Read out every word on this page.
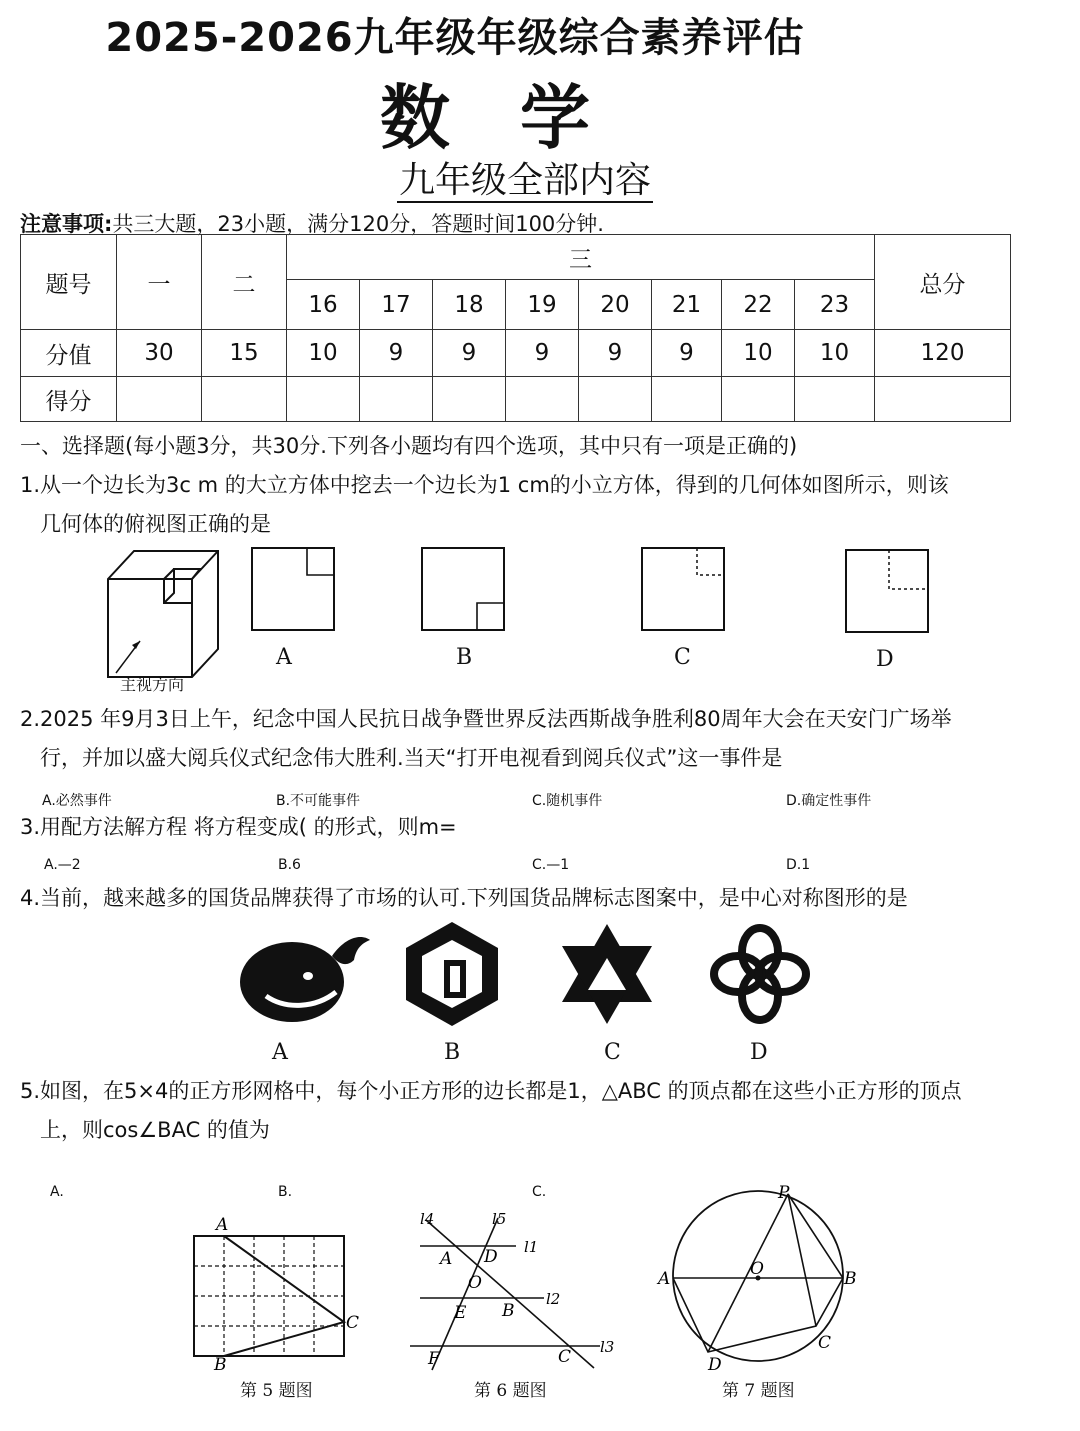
2025-2026九年级年级综合素养评估
数学
九年级全部内容
注意事项:共三大题，23小题，满分120分，答题时间100分钟.
题号	一	二	三								总分
			16	17	18	19	20	21	22	23	
分值	30	15	10	9	9	9	9	9	10	10	120
得分											
一、选择题(每小题3分，共30分.下列各小题均有四个选项，其中只有一项是正确的)
1.从一个边长为3c m 的大立方体中挖去一个边长为1 cm的小立方体，得到的几何体如图所示，则该
几何体的俯视图正确的是
主视方向
A	B	C	D
2.2025 年9月3日上午，纪念中国人民抗日战争暨世界反法西斯战争胜利80周年大会在天安门广场举
行，并加以盛大阅兵仪式纪念伟大胜利.当天“打开电视看到阅兵仪式”这一事件是
A.必然事件	B.不可能事件	C.随机事件	D.确定性事件
3.用配方法解方程 将方程变成( 的形式，则m=
A.—2	B.6	C.—1	D.1
4.当前，越来越多的国货品牌获得了市场的认可.下列国货品牌标志图案中，是中心对称图形的是
A	B	C	D
5.如图，在5×4的正方形网格中，每个小正方形的边长都是1，△ABC 的顶点都在这些小正方形的顶点
上，则cos∠BAC 的值为
A.	B.	C.
A
B
C
第 5 题图
l4	l5
l1
l2
l3
A D
O
E B
F	C
第 6 题图
P
A	O	B
C
D
第 7 题图
